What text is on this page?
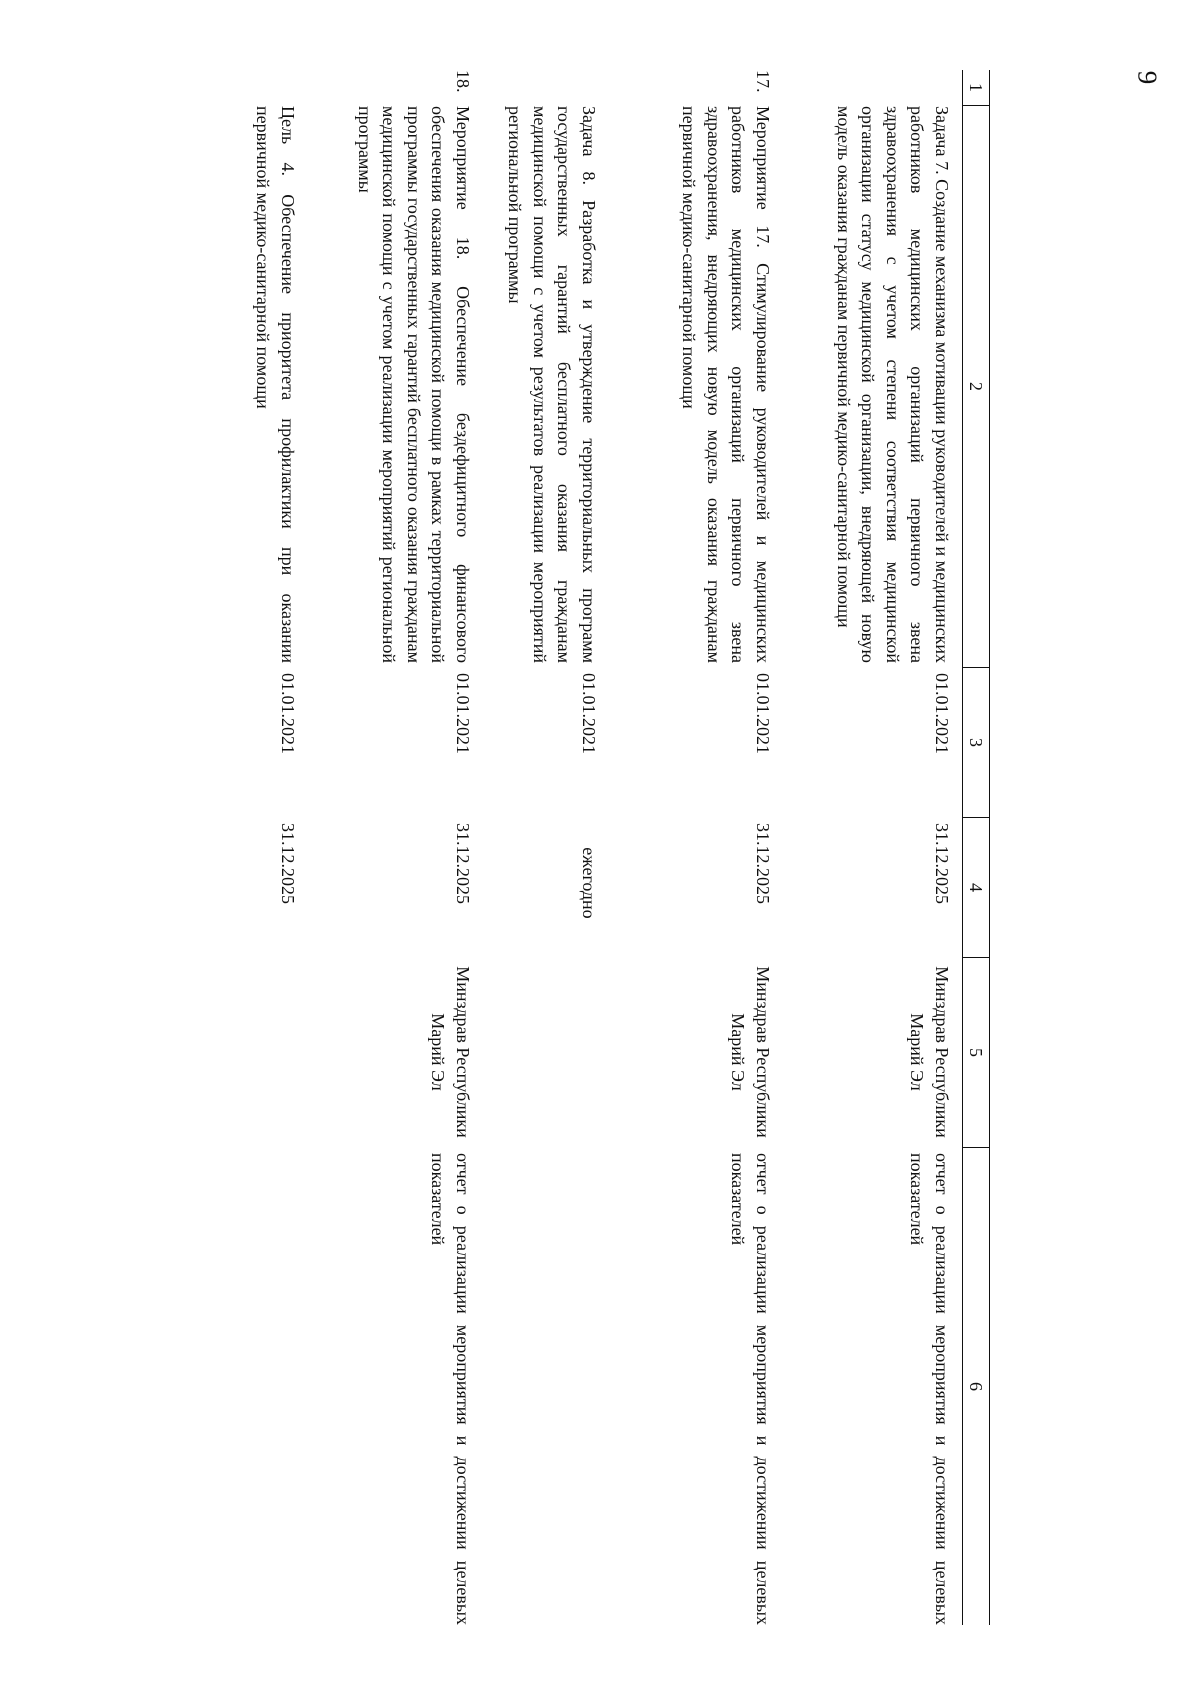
9
1
2
3
4
5
6
Задача 7. Создание механизма мотивации руководителей и медицинских работников медицинских организаций первичного звена здравоохранения с учетом степени соответствия медицинской организации статусу медицинской организации, внедряющей новую модель оказания гражданам первичной медико-санитарной помощи
01.01.2021
31.12.2025
Минздрав Республики Марий Эл
отчет о реализации мероприятия и достижении целевых показателей
17.
Мероприятие 17. Стимулирование руководителей и медицинских работников медицинских организаций первичного звена здравоохранения, внедряющих новую модель оказания гражданам первичной медико-санитарной помощи
01.01.2021
31.12.2025
Минздрав Республики Марий Эл
отчет о реализации мероприятия и достижении целевых показателей
Задача 8. Разработка и утверждение территориальных программ государственных гарантий бесплатного оказания гражданам медицинской помощи с учетом результатов реализации мероприятий региональной программы
01.01.2021
ежегодно
18.
Мероприятие 18. Обеспечение бездефицитного финансового обеспечения оказания медицинской помощи в рамках территориальной программы государственных гарантий бесплатного оказания гражданам медицинской помощи с учетом реализации мероприятий региональной программы
01.01.2021
31.12.2025
Минздрав Республики Марий Эл
отчет о реализации мероприятия и достижении целевых показателей
Цель 4. Обеспечение приоритета профилактики при оказании первичной медико-санитарной помощи
01.01.2021
31.12.2025
